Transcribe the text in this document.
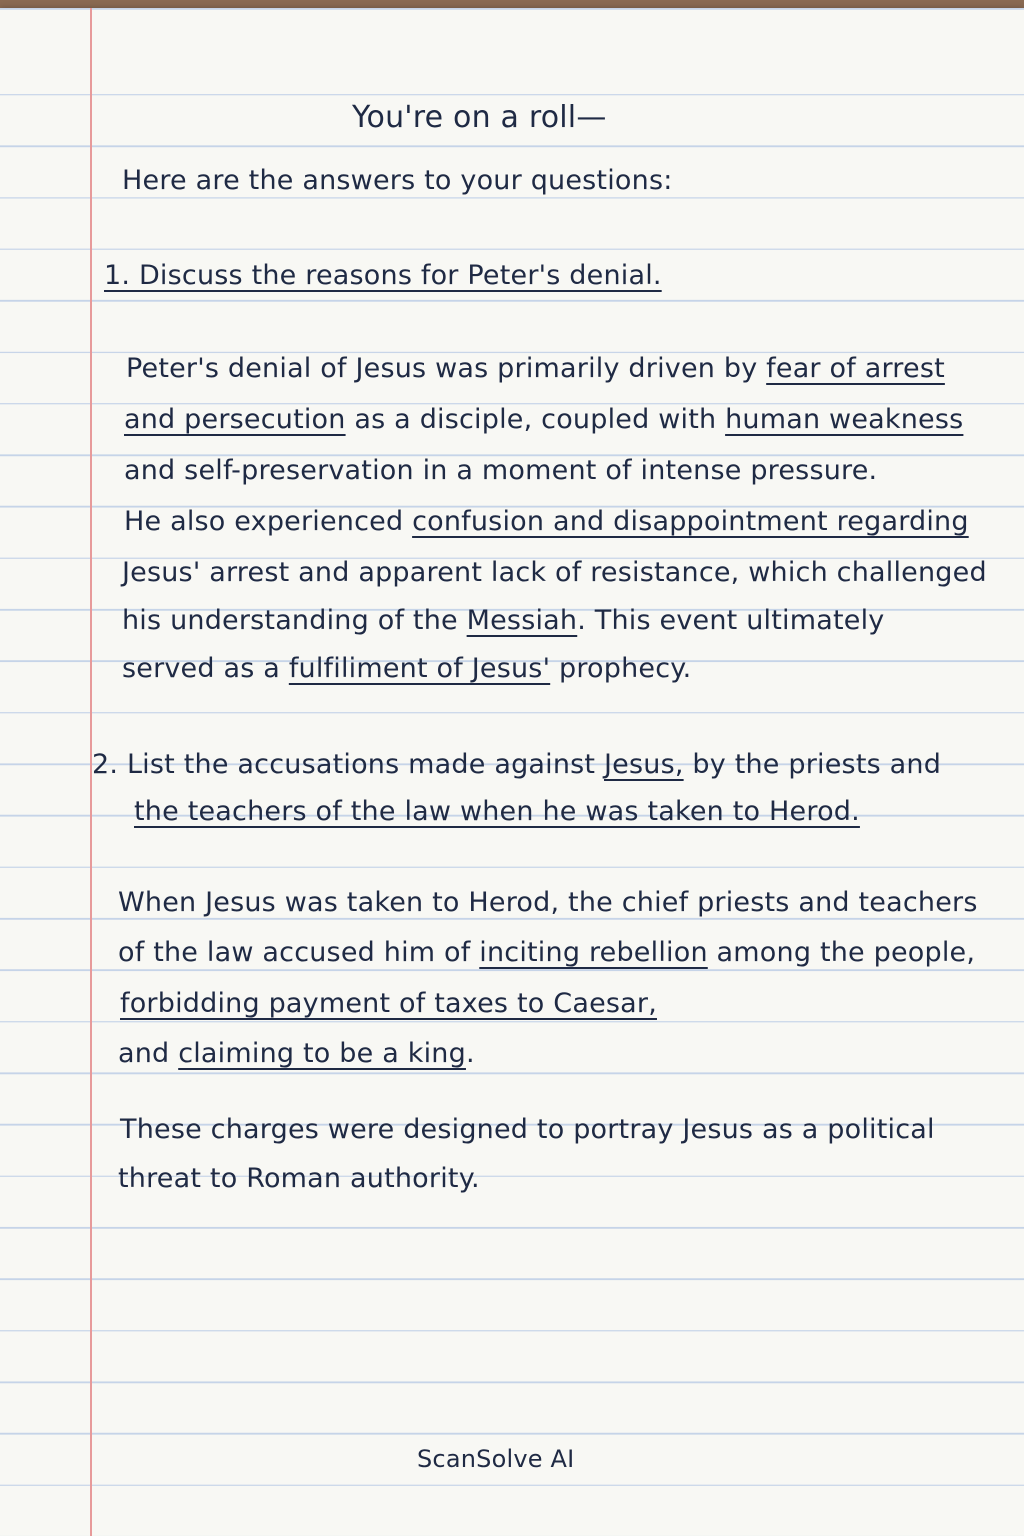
You're on a roll—
Here are the answers to your questions:
1. Discuss the reasons for Peter's denial.
Peter's denial of Jesus was primarily driven by fear of arrest
and persecution as a disciple, coupled with human weakness
and self-preservation in a moment of intense pressure.
He also experienced confusion and disappointment regarding
Jesus' arrest and apparent lack of resistance, which challenged
his understanding of the Messiah. This event ultimately
served as a fulfiliment of Jesus' prophecy.
2. List the accusations made against Jesus, by the priests and
the teachers of the law when he was taken to Herod.
When Jesus was taken to Herod, the chief priests and teachers
of the law accused him of inciting rebellion among the people,
forbidding payment of taxes to Caesar,
and claiming to be a king.
These charges were designed to portray Jesus as a political
threat to Roman authority.
ScanSolve AI
